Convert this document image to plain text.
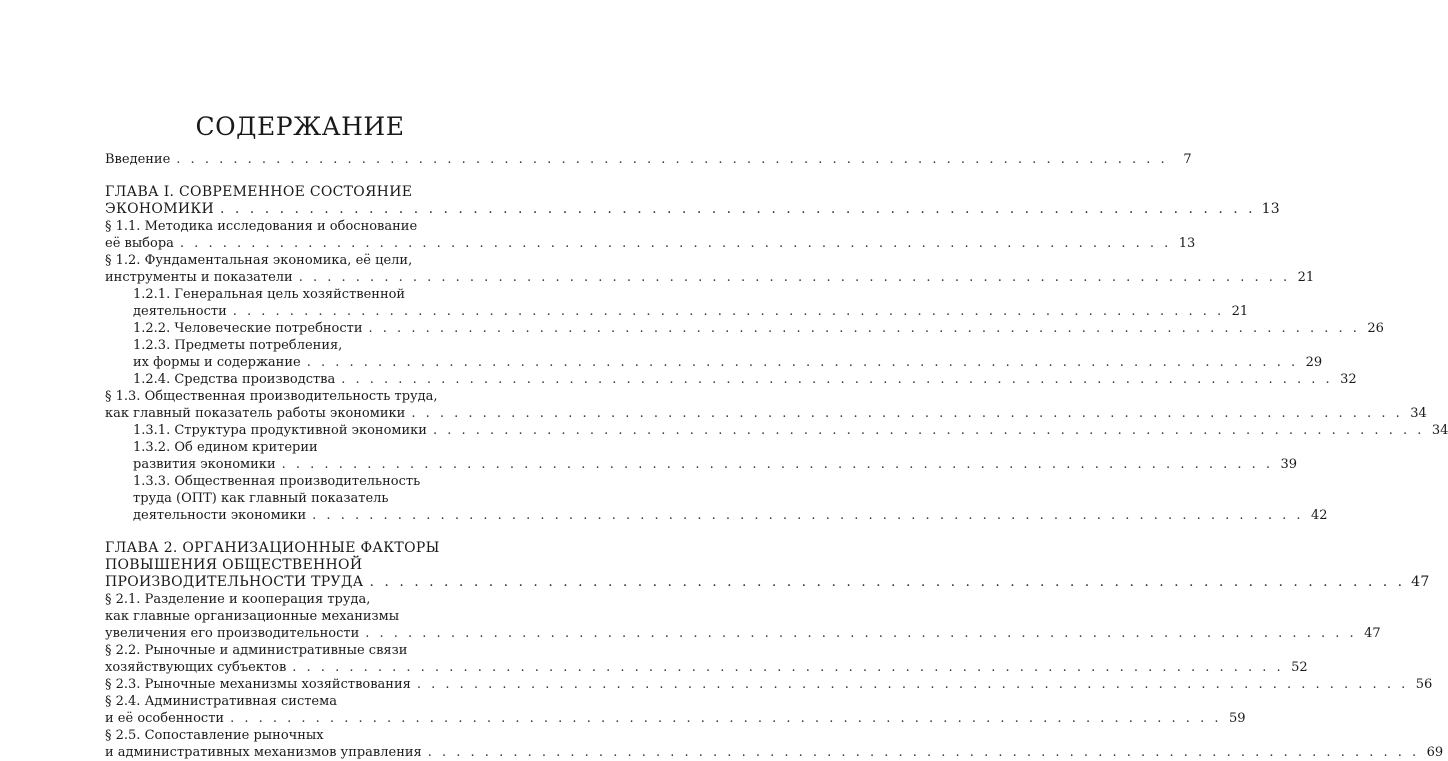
СОДЕРЖАНИЕ
Введение . . . . . . . . . . . . . . . . . . . . . . . . . . . . . . . . . . . . . . . . . . . . . . . . . . . . . . . . . . . . . . . . . . . . . .	7
ГЛАВА I. СОВРЕМЕННОЕ СОСТОЯНИЕ
ЭКОНОМИКИ . . . . . . . . . . . . . . . . . . . . . . . . . . . . . . . . . . . . . . . . . . . . . . . . . . . . . . . . . . . . . . . . . . . . . . 13
§ 1.1. Методика исследования и обоснование
её выбора . . . . . . . . . . . . . . . . . . . . . . . . . . . . . . . . . . . . . . . . . . . . . . . . . . . . . . . . . . . . . . . . . . . . . . 13
§ 1.2. Фундаментальная экономика, её цели,
инструменты и показатели . . . . . . . . . . . . . . . . . . . . . . . . . . . . . . . . . . . . . . . . . . . . . . . . . . . . . . . . . . . . . . . . . . . . . . 21
1.2.1. Генеральная цель хозяйственной
деятельности . . . . . . . . . . . . . . . . . . . . . . . . . . . . . . . . . . . . . . . . . . . . . . . . . . . . . . . . . . . . . . . . . . . . . . 21
1.2.2. Человеческие потребности . . . . . . . . . . . . . . . . . . . . . . . . . . . . . . . . . . . . . . . . . . . . . . . . . . . . . . . . . . . . . . . . . . . . . . 26
1.2.3. Предметы потребления,
их формы и содержание . . . . . . . . . . . . . . . . . . . . . . . . . . . . . . . . . . . . . . . . . . . . . . . . . . . . . . . . . . . . . . . . . . . . . . 29
1.2.4. Средства производства . . . . . . . . . . . . . . . . . . . . . . . . . . . . . . . . . . . . . . . . . . . . . . . . . . . . . . . . . . . . . . . . . . . . . . 32
§ 1.3. Общественная производительность труда,
как главный показатель работы экономики . . . . . . . . . . . . . . . . . . . . . . . . . . . . . . . . . . . . . . . . . . . . . . . . . . . . . . . . . . . . . . . . . . . . . . 34
1.3.1. Структура продуктивной экономики . . . . . . . . . . . . . . . . . . . . . . . . . . . . . . . . . . . . . . . . . . . . . . . . . . . . . . . . . . . . . . . . . . . . . . 34
1.3.2. Об едином критерии
развития экономики . . . . . . . . . . . . . . . . . . . . . . . . . . . . . . . . . . . . . . . . . . . . . . . . . . . . . . . . . . . . . . . . . . . . . . 39
1.3.3. Общественная производительность
труда (ОПТ) как главный показатель
деятельности экономики . . . . . . . . . . . . . . . . . . . . . . . . . . . . . . . . . . . . . . . . . . . . . . . . . . . . . . . . . . . . . . . . . . . . . . 42
ГЛАВА 2. ОРГАНИЗАЦИОННЫЕ ФАКТОРЫ
ПОВЫШЕНИЯ ОБЩЕСТВЕННОЙ
ПРОИЗВОДИТЕЛЬНОСТИ ТРУДА . . . . . . . . . . . . . . . . . . . . . . . . . . . . . . . . . . . . . . . . . . . . . . . . . . . . . . . . . . . . . . . . . . . . . . 47
§ 2.1. Разделение и кооперация труда,
как главные организационные механизмы
увеличения его производительности . . . . . . . . . . . . . . . . . . . . . . . . . . . . . . . . . . . . . . . . . . . . . . . . . . . . . . . . . . . . . . . . . . . . . . 47
§ 2.2. Рыночные и административные связи
хозяйствующих субъектов . . . . . . . . . . . . . . . . . . . . . . . . . . . . . . . . . . . . . . . . . . . . . . . . . . . . . . . . . . . . . . . . . . . . . . 52
§ 2.3. Рыночные механизмы хозяйствования . . . . . . . . . . . . . . . . . . . . . . . . . . . . . . . . . . . . . . . . . . . . . . . . . . . . . . . . . . . . . . . . . . . . . . 56
§ 2.4. Административная система
и её особенности . . . . . . . . . . . . . . . . . . . . . . . . . . . . . . . . . . . . . . . . . . . . . . . . . . . . . . . . . . . . . . . . . . . . . . 59
§ 2.5. Сопоставление рыночных
и административных механизмов управления . . . . . . . . . . . . . . . . . . . . . . . . . . . . . . . . . . . . . . . . . . . . . . . . . . . . . . . . . . . . . . . . . . . . . . 69
